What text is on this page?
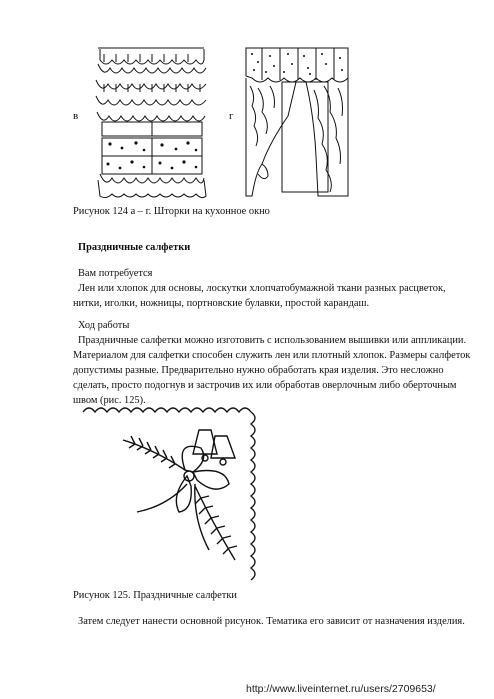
в	г
Рисунок 124 а – г. Шторки на кухонное окно
Праздничные салфетки
Вам потребуется
Лен или хлопок для основы, лоскутки хлопчатобумажной ткани разных расцветок,
нитки, иголки, ножницы, портновские булавки, простой карандаш.
Ход работы
Праздничные салфетки можно изготовить с использованием вышивки или аппликации.
Материалом для салфетки способен служить лен или плотный хлопок. Размеры салфеток
допустимы разные. Предварительно нужно обработать края изделия. Это несложно
сделать, просто подогнув и застрочив их или обработав оверлочным либо оберточным
швом (рис. 125).
Рисунок 125. Праздничные салфетки
Затем следует нанести основной рисунок. Тематика его зависит от назначения изделия.
http://www.liveinternet.ru/users/2709653/
